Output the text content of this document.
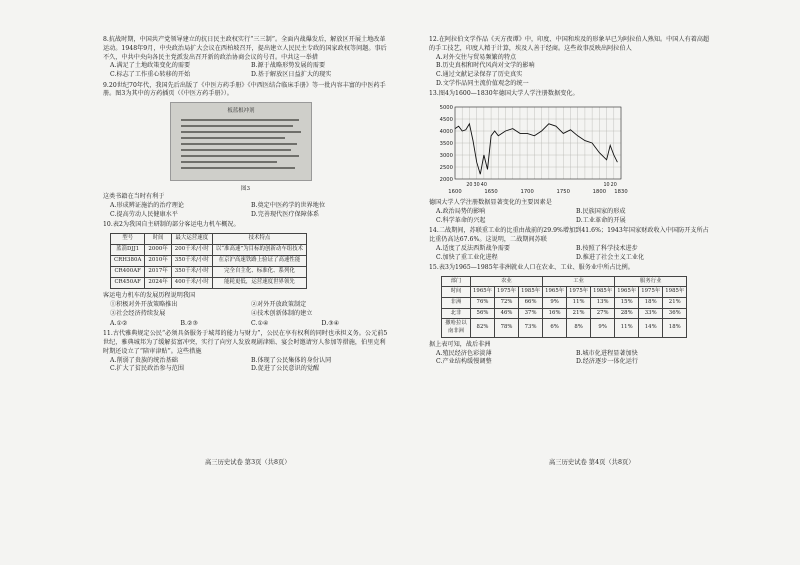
8.抗战时期，中国共产党领导建立的抗日民主政权实行“三三制”。全面内战爆发后，解放区开展土地改革运动。1948年9月，中央政治局扩大会议在西柏坡召开，提出建立人民民主专政的国家政权等问题。事后不久，中共中央向各民主党派发出召开新的政治协商会议的号召。中共这一举措
A.满足了土地政策变化的需要	B.源于战略形势发展的需要
C.标志了工作重心转移的开始	D.基于解放区日益扩大的现实
9.20世纪70年代，我国先后出版了《中医方药手册》《中西医结合临床手册》等一批内容丰富的中医药手册。图3为其中的方药插页（《中医方药手册》）。
板蓝根冲剂
图3
这类书籍在当时有利于
A.形成辨证施治的治疗理论	B.奠定中医药学的世界地位
C.提高劳动人民健康水平	D.完善现代医疗保障体系
10.表2为我国自主研制的部分客运电力机车概况。
型号	时间	最大运营速度	技术特点
蓝箭DJJ1	2000年	200千米/小时	以“准高速”为目标的创新动车组技术
CRH380A	2010年	350千米/小时	在京沪高速铁路上验证了高速性能
CR400AF	2017年	350千米/小时	完全自主化、标准化、系列化
CR450AF	2024年	400千米/小时	能耗更低，运营速度世界领先
客运电力机车的发展历程说明我国
①积极对外开放策略推出	②对外开放政策制定
③社会经济持续发展	④技术创新体制的建立
A.①②	B.②③	C.①④	D.③④
11.古代雅典规定公民“必须具备服务于城邦的能力与财力”，公民在享有权利的同时也承担义务。公元前5世纪，雅典城邦为了缓解贫富冲突，实行了向穷人发放观剧津贴、宴会时邀请穷人参加等措施，伯里克利时期还设立了“陪审津贴”。这些措施
A.削弱了贵族的统治基础	B.体现了公民集体的身份认同
C.扩大了贫民政治参与范围	D.促进了公民意识的觉醒
高三历史试卷 第3页（共8页）
12.在阿拉伯文学作品《天方夜谭》中，印度、中国和埃及的形象早已为阿拉伯人熟知。中国人有着高超的手工技艺，印度人精于计算，埃及人善于经商。这些故事反映出阿拉伯人
A.对外交往与贸易频繁的特点
B.历史真相和时代风尚对文学的影响
C.通过文献记录保存了历史真实
D.文学作品同主流价值观念的统一
13.图4为1600—1830年德国大学人学注册数据变化。
2000
2500
3000
3500
4000
4500
5000
1600	1650	1700	1750	1800 1830
20 30 40	10 20
德国大学人学注册数据显著变化的主要因素是
A.政治局势的影响	B.民族国家的形成
C.科学革命的兴起	D.工业革命的开展
14.二战期间，苏联重工业的比重由战前的29.9%增加到41.6%；1943年国家财政收入中国防开支所占比重仍高达67.6%。这说明，二战期间苏联
A.适度了反法西斯战争需要	B.按照了科学技术进步
C.加快了重工业化进程	D.推进了社会主义工业化
15.表3为1965—1985年非洲就业人口在农业、工业、服务业中所占比例。
部门	农业			工业			服务行业		
时间	1965年	1975年	1985年	1965年	1975年	1985年	1965年	1975年	1985年
非洲	76%	72%	66%	9%	11%	13%	15%	18%	21%
北非	56%	46%	37%	16%	21%	27%	28%	33%	36%
撒哈拉以南非洲	82%	78%	73%	6%	8%	9%	11%	14%	18%
据上表可知，战后非洲
A.殖民经济色彩淡薄	B.城市化进程显著加快
C.产业结构缓慢调整	D.经济逐步一体化运行
高三历史试卷 第4页（共8页）
